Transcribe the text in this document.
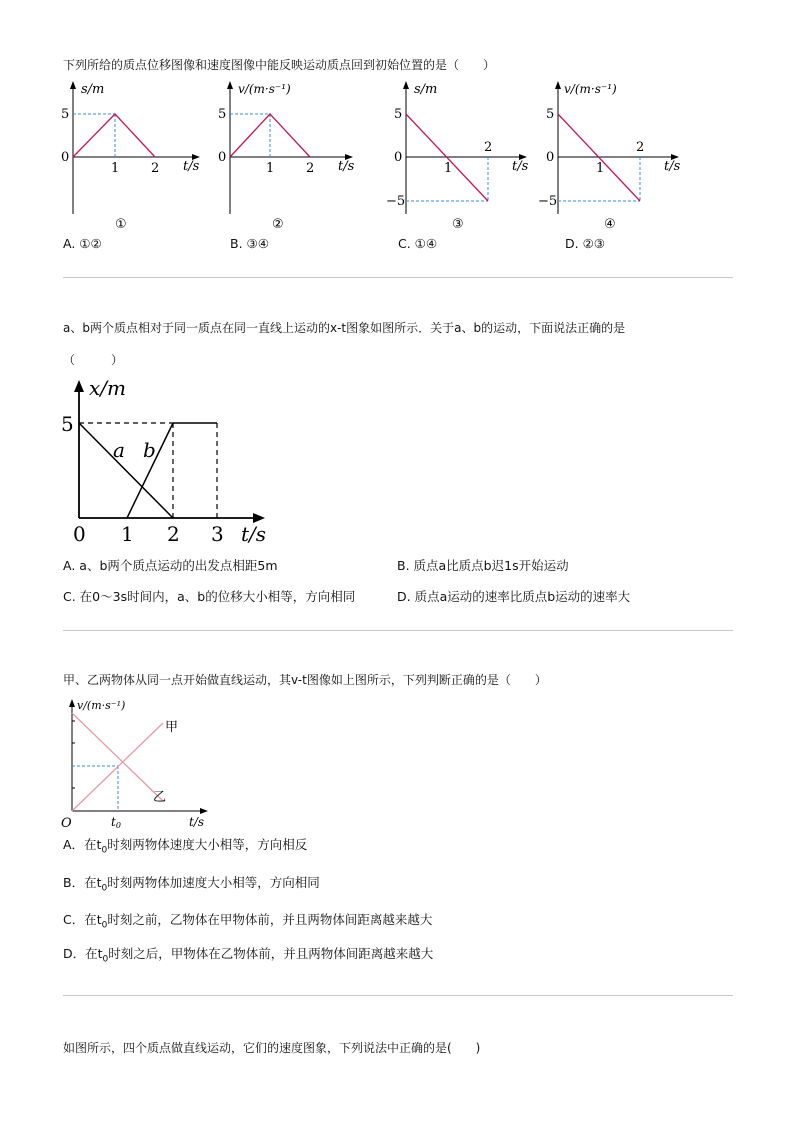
下列所给的质点位移图像和速度图像中能反映运动质点回到初始位置的是（　　）
s/m
5
0
1 2 t/s
①
v/(m·s⁻¹)
5
0
1 2 t/s
②
s/m
5
0
−5
1
2
t/s
③
v/(m·s⁻¹)
5
0
−5
1
2
t/s
④
A. ①②	B. ③④	C. ①④	D. ②③
a、b两个质点相对于同一质点在同一直线上运动的x-t图象如图所示．关于a、b的运动，下面说法正确的是
（　　　）
x/m
5
a b
0 1 2 3 t/s
A. a、b两个质点运动的出发点相距5m	B. 质点a比质点b迟1s开始运动
C. 在0～3s时间内，a、b的位移大小相等，方向相同	D. 质点a运动的速率比质点b运动的速率大
甲、乙两物体从同一点开始做直线运动，其v-t图像如上图所示，下列判断正确的是（　　）
v/(m·s⁻¹)
甲
乙
O	t0	t/s
A．在$t_0$时刻两物体速度大小相等，方向相反
B．在$t_0$时刻两物体加速度大小相等，方向相同
C．在$t_0$时刻之前，乙物体在甲物体前，并且两物体间距离越来越大
D．在$t_0$时刻之后，甲物体在乙物体前，并且两物体间距离越来越大
如图所示，四个质点做直线运动，它们的速度图象，下列说法中正确的是(　　)
